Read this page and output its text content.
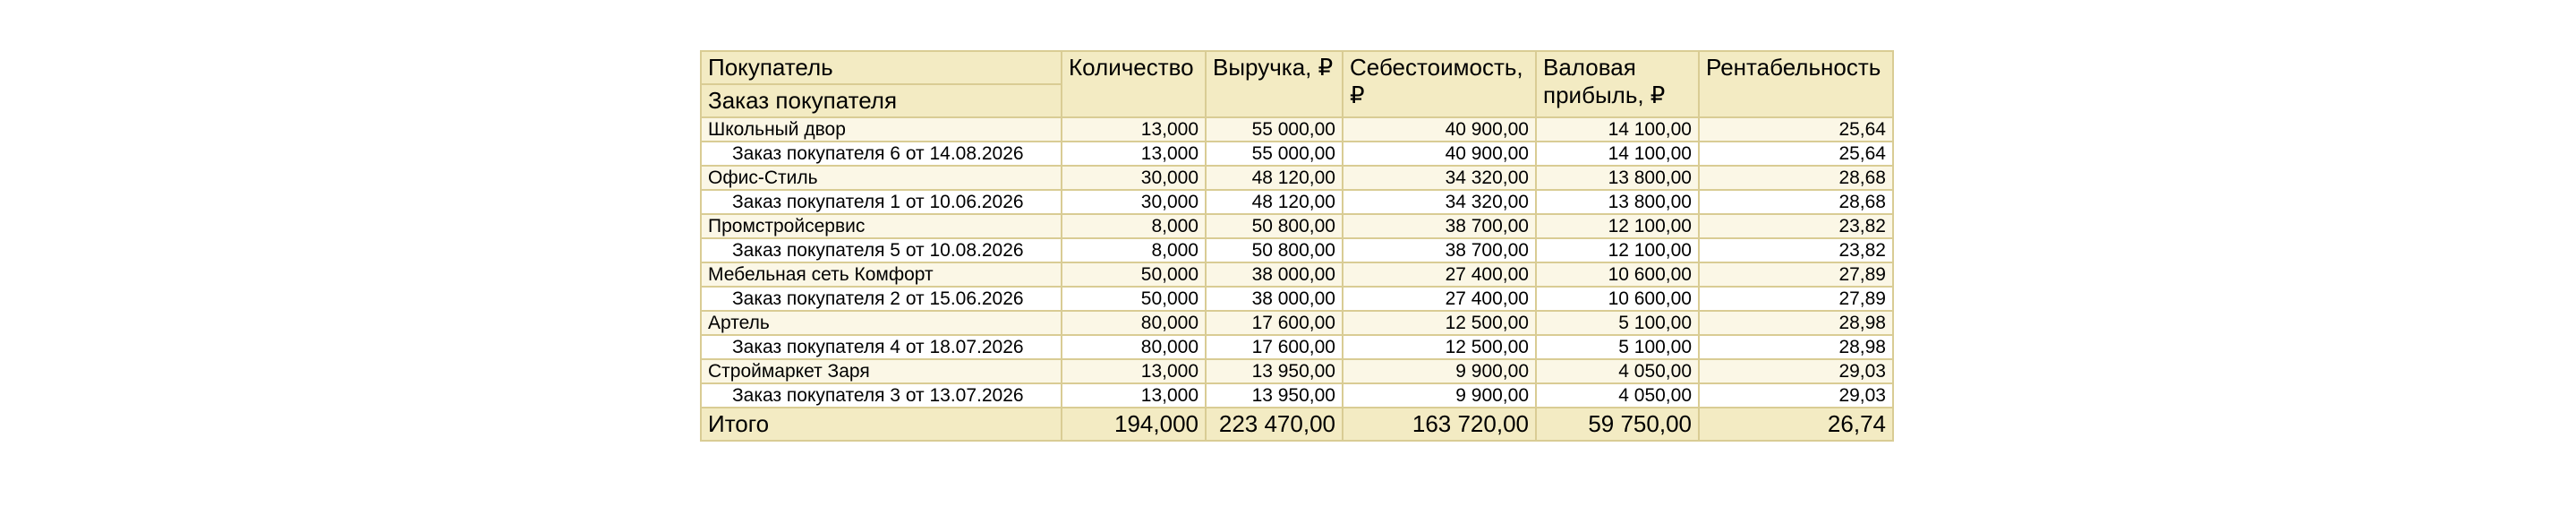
Покупатель	Количество	Выручка, ₽	Себестоимость, ₽	Валовая прибыль, ₽	Рентабельность
Заказ покупателя					
Школьный двор	13,000	55 000,00	40 900,00	14 100,00	25,64
Заказ покупателя 6 от 14.08.2026	13,000	55 000,00	40 900,00	14 100,00	25,64
Офис-Стиль	30,000	48 120,00	34 320,00	13 800,00	28,68
Заказ покупателя 1 от 10.06.2026	30,000	48 120,00	34 320,00	13 800,00	28,68
Промстройсервис	8,000	50 800,00	38 700,00	12 100,00	23,82
Заказ покупателя 5 от 10.08.2026	8,000	50 800,00	38 700,00	12 100,00	23,82
Мебельная сеть Комфорт	50,000	38 000,00	27 400,00	10 600,00	27,89
Заказ покупателя 2 от 15.06.2026	50,000	38 000,00	27 400,00	10 600,00	27,89
Артель	80,000	17 600,00	12 500,00	5 100,00	28,98
Заказ покупателя 4 от 18.07.2026	80,000	17 600,00	12 500,00	5 100,00	28,98
Строймаркет Заря	13,000	13 950,00	9 900,00	4 050,00	29,03
Заказ покупателя 3 от 13.07.2026	13,000	13 950,00	9 900,00	4 050,00	29,03
Итого	194,000	223 470,00	163 720,00	59 750,00	26,74
